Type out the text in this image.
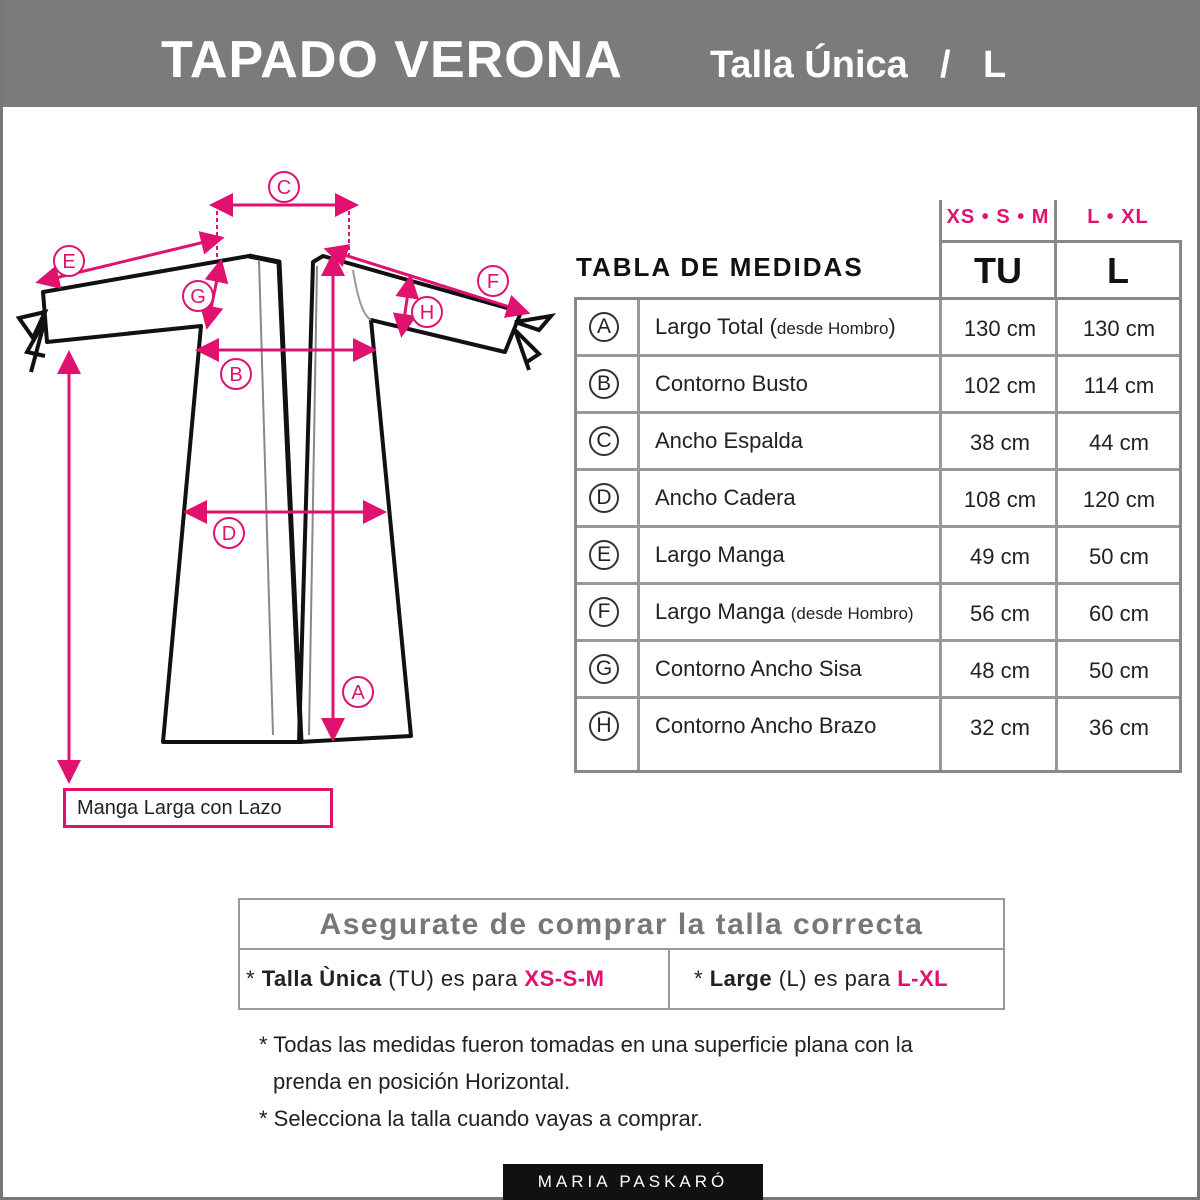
TAPADO VERONA Talla Única / L
C
E
F
G
H
B
D
A
Manga Larga con Lazo
TABLA DE MEDIDAS
XS • S • M	L • XL
TU	L
A	Largo Total (desde Hombro)	130 cm	130 cm
B	Contorno Busto	102 cm	114 cm
C	Ancho Espalda	38 cm	44 cm
D	Ancho Cadera	108 cm	120 cm
E	Largo Manga	49 cm	50 cm
F	Largo Manga (desde Hombro)	56 cm	60 cm
G	Contorno Ancho Sisa	48 cm	50 cm
H	Contorno Ancho Brazo	32 cm	36 cm
Asegurate de comprar la talla correcta
* Talla Ùnica (TU) es para XS-S-M	* Large (L) es para L-XL
* Todas las medidas fueron tomadas en una superficie plana con la
prenda en posición Horizontal.
* Selecciona la talla cuando vayas a comprar.
MARIA PASKARÓ
